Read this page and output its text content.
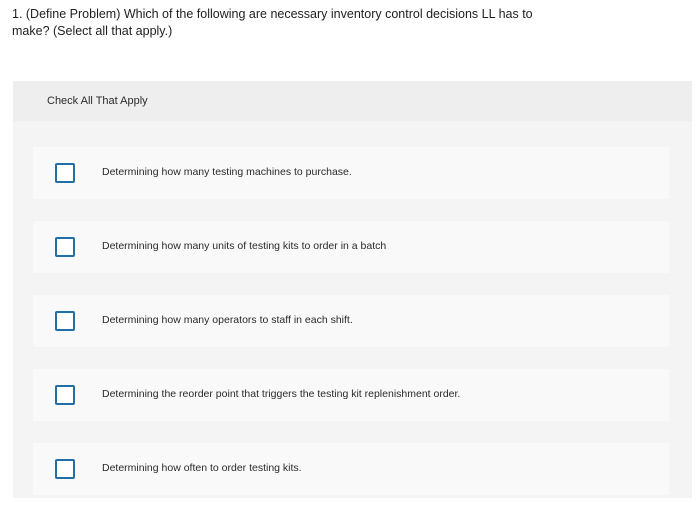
1. (Define Problem) Which of the following are necessary inventory control decisions LL has to make? (Select all that apply.)
Check All That Apply
Determining how many testing machines to purchase.
Determining how many units of testing kits to order in a batch
Determining how many operators to staff in each shift.
Determining the reorder point that triggers the testing kit replenishment order.
Determining how often to order testing kits.
